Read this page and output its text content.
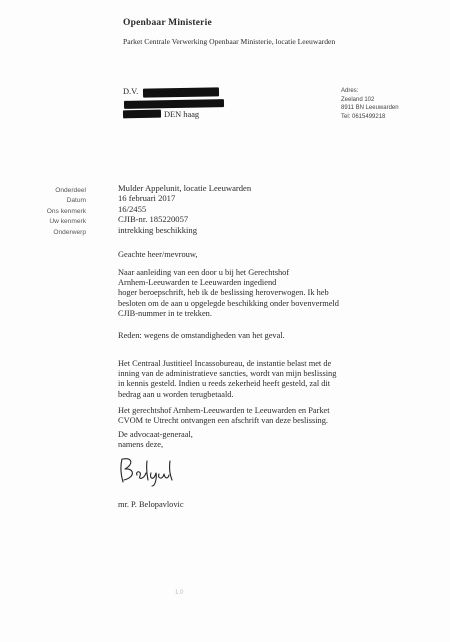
Openbaar Ministerie
Parket Centrale Verwerking Openbaar Ministerie, locatie Leeuwarden
D.V.
DEN haag
Adres:
Zeeland 102
8911 BN Leeuwarden
Tel: 0615499218
Onderdeel
Datum
Ons kenmerk
Uw kenmerk
Onderwerp
Mulder Appelunit, locatie Leeuwarden
16 februari 2017
16/2455
CJIB-nr. 185220057
intrekking beschikking
Geachte heer/mevrouw,
Naar aanleiding van een door u bij het Gerechtshof
Arnhem-Leeuwarden te Leeuwarden ingediend
hoger beroepschrift, heb ik de beslissing heroverwogen. Ik heb
besloten om de aan u opgelegde beschikking onder bovenvermeld
CJIB-nummer in te trekken.
Reden: wegens de omstandigheden van het geval.
Het Centraal Justitieel Incassobureau, de instantie belast met de
inning van de administratieve sancties, wordt van mijn beslissing
in kennis gesteld. Indien u reeds zekerheid heeft gesteld, zal dit
bedrag aan u worden terugbetaald.
Het gerechtshof Arnhem-Leeuwarden te Leeuwarden en Parket
CVOM te Utrecht ontvangen een afschrift van deze beslissing.
De advocaat-generaal,
namens deze,
mr. P. Belopavlovic
1.0
